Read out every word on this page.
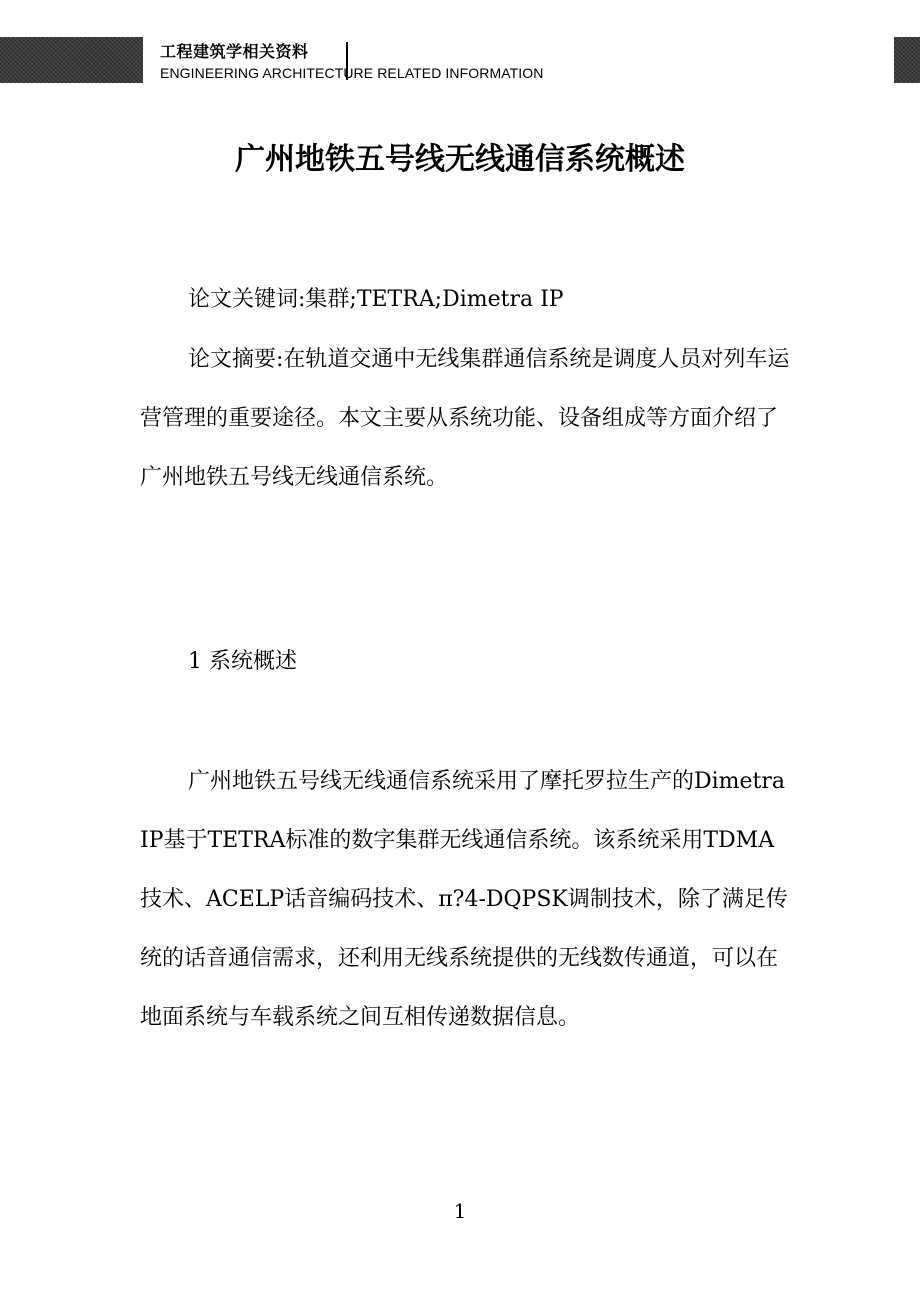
工程建筑学相关资料
ENGINEERING ARCHITECTURE RELATED INFORMATION
广州地铁五号线无线通信系统概述

论文关键词:集群;TETRA;Dimetra IP

论文摘要:在轨道交通中无线集群通信系统是调度人员对列车运营管理的重要途径。本文主要从系统功能、设备组成等方面介绍了广州地铁五号线无线通信系统。

1 系统概述

广州地铁五号线无线通信系统采用了摩托罗拉生产的Dimetra IP基于TETRA标准的数字集群无线通信系统。该系统采用TDMA技术、ACELP话音编码技术、π?4-DQPSK调制技术，除了满足传统的话音通信需求，还利用无线系统提供的无线数传通道，可以在地面系统与车载系统之间互相传递数据信息。

1
